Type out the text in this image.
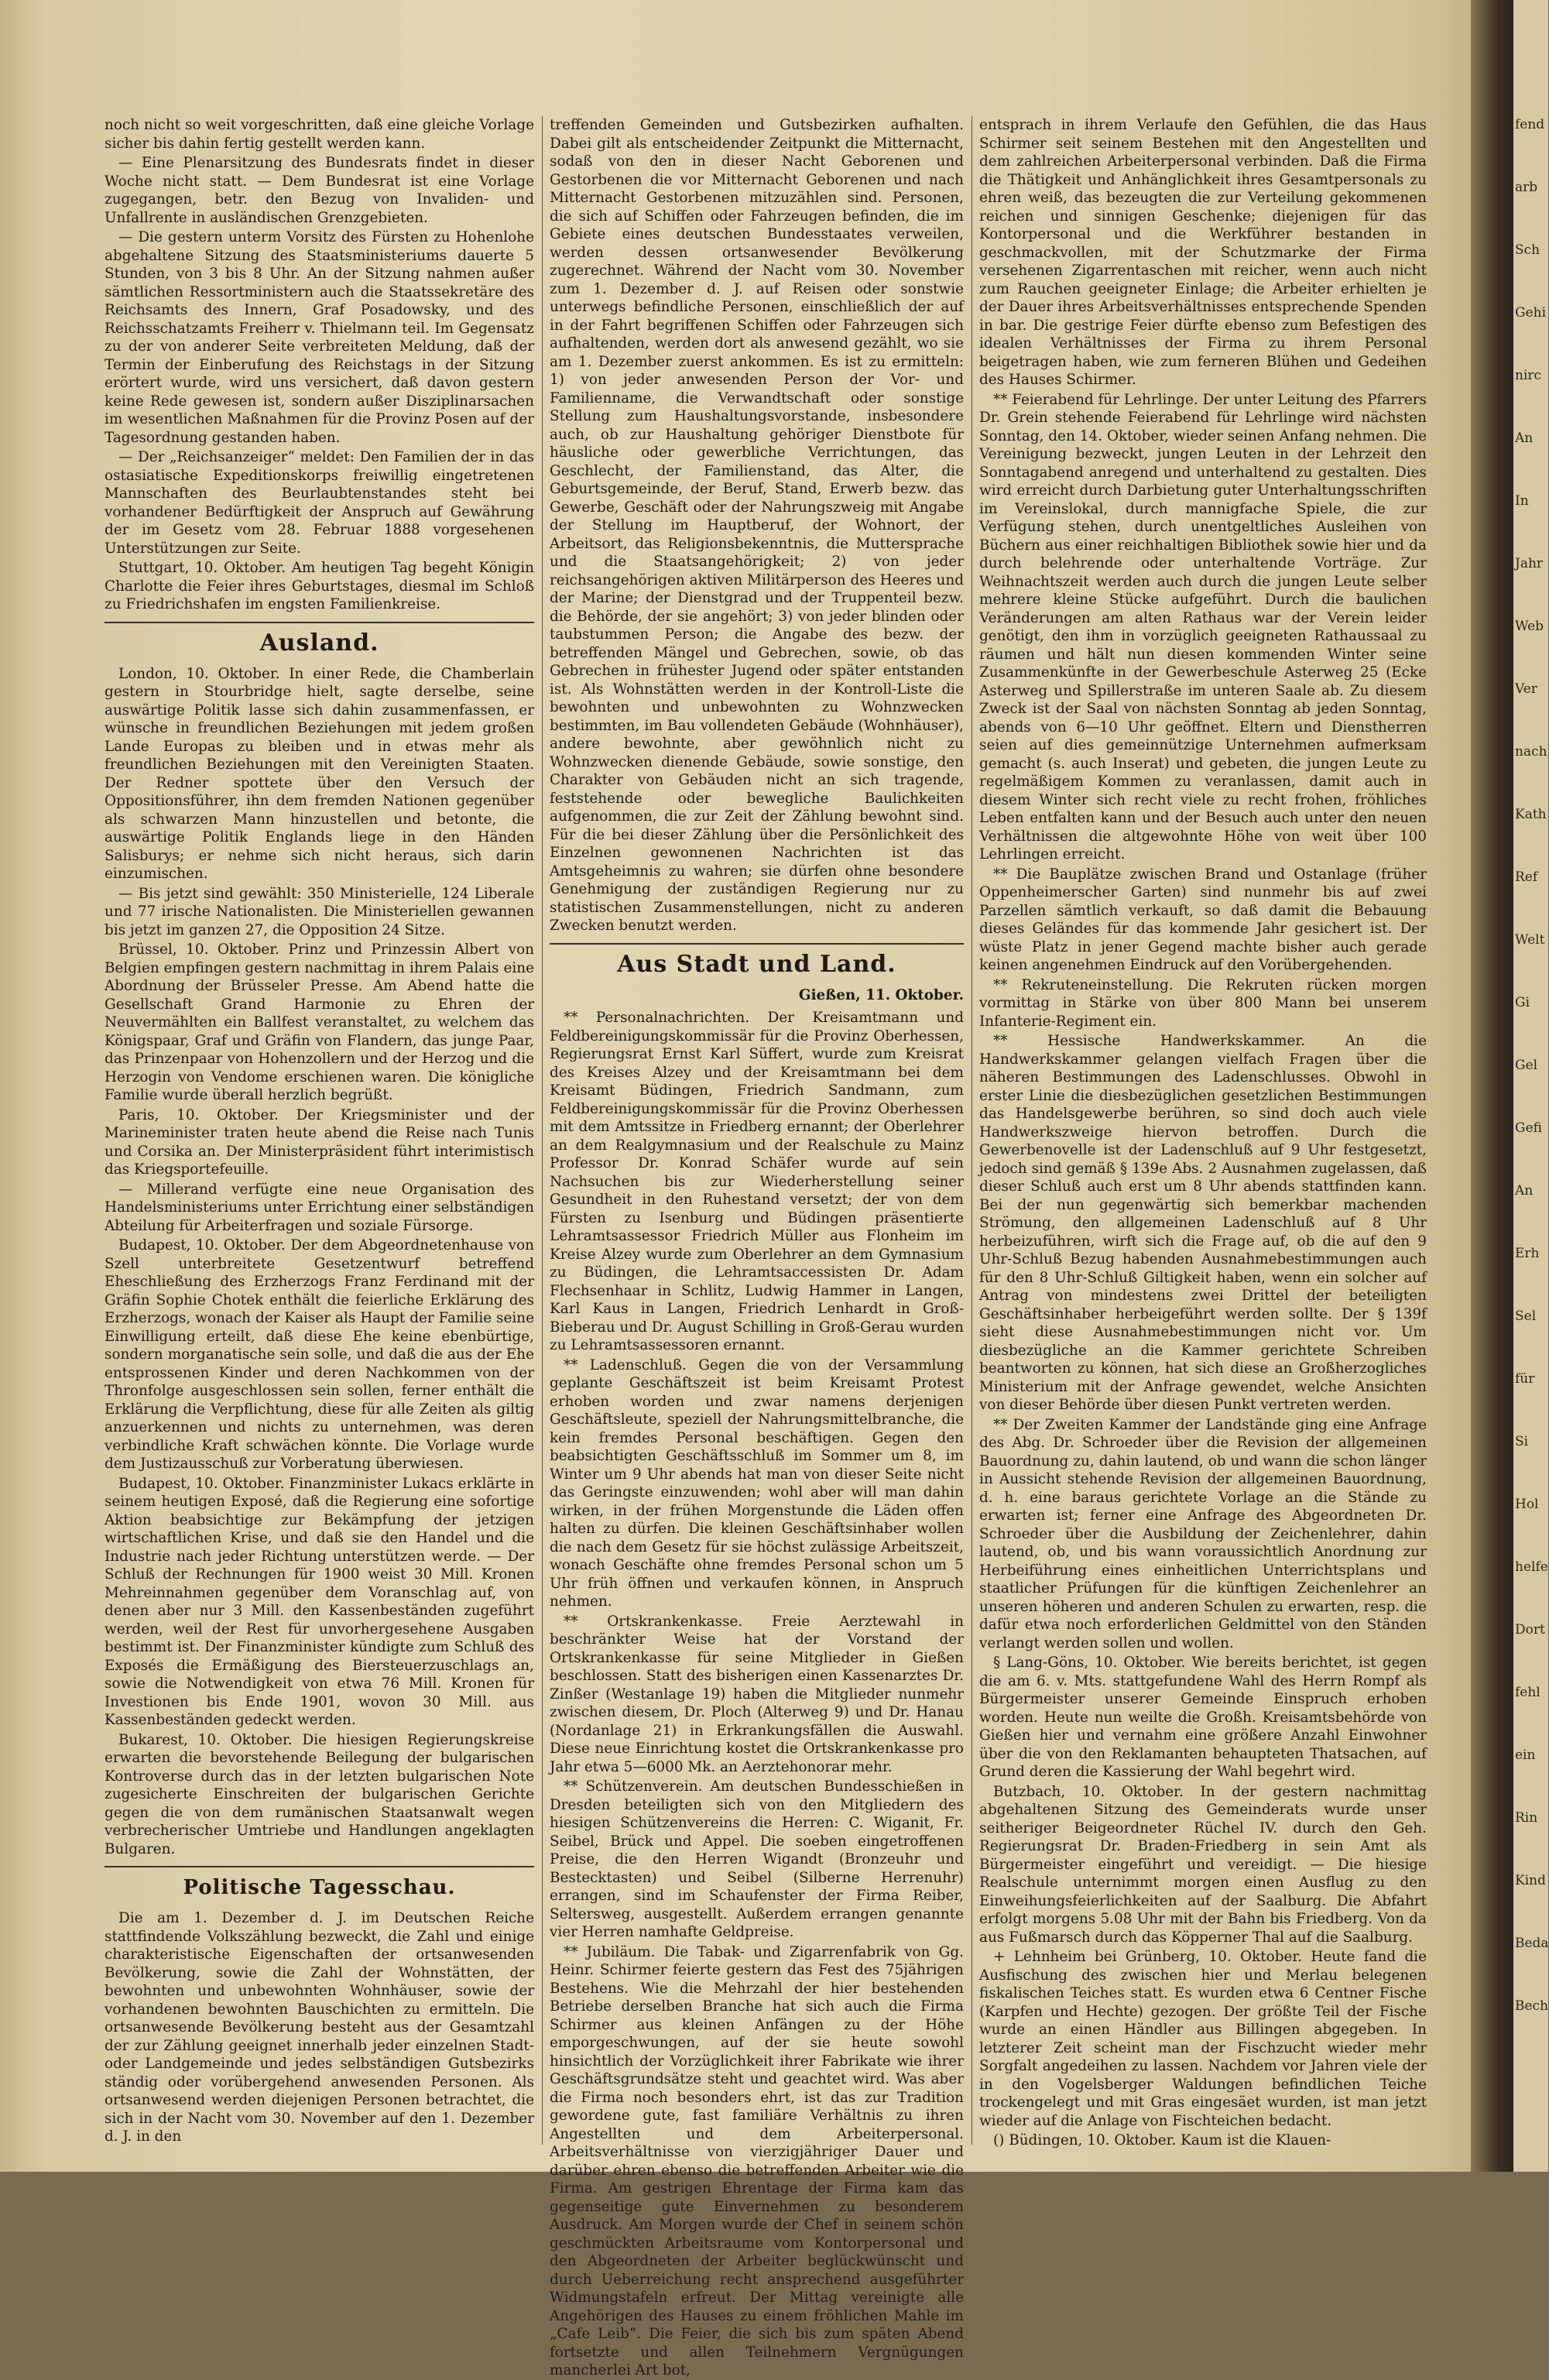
fend
arb
Sch
Gehi
nirc
An
In
Jahr
Web
Ver
nach
Kath
Ref
Welt
Gi
Gel
Gefi
An
Erh
Sel
für
Si
Hol
helfe
Dort
fehl
ein
Rin
Kind
Beda
Bech

noch nicht so weit vorgeschritten, daß eine gleiche Vorlage sicher bis dahin fertig gestellt werden kann.

— Eine Plenarsitzung des Bundesrats findet in dieser Woche nicht statt. — Dem Bundesrat ist eine Vorlage zugegangen, betr. den Bezug von Invaliden- und Unfallrente in ausländischen Grenzgebieten.

— Die gestern unterm Vorsitz des Fürsten zu Hohenlohe abgehaltene Sitzung des Staatsministeriums dauerte 5 Stunden, von 3 bis 8 Uhr. An der Sitzung nahmen außer sämtlichen Ressortministern auch die Staatssekretäre des Reichsamts des Innern, Graf Posadowsky, und des Reichsschatzamts Freiherr v. Thielmann teil. Im Gegensatz zu der von anderer Seite verbreiteten Meldung, daß der Termin der Einberufung des Reichstags in der Sitzung erörtert wurde, wird uns versichert, daß davon gestern keine Rede gewesen ist, sondern außer Disziplinarsachen im wesentlichen Maßnahmen für die Provinz Posen auf der Tagesordnung gestanden haben.

— Der „Reichsanzeiger“ meldet: Den Familien der in das ostasiatische Expeditionskorps freiwillig eingetretenen Mannschaften des Beurlaubtenstandes steht bei vorhandener Bedürftigkeit der Anspruch auf Gewährung der im Gesetz vom 28. Februar 1888 vorgesehenen Unterstützungen zur Seite.

Stuttgart, 10. Oktober. Am heutigen Tag begeht Königin Charlotte die Feier ihres Geburtstages, diesmal im Schloß zu Friedrichshafen im engsten Familienkreise.

Ausland.

London, 10. Oktober. In einer Rede, die Chamberlain gestern in Stourbridge hielt, sagte derselbe, seine auswärtige Politik lasse sich dahin zusammenfassen, er wünsche in freundlichen Beziehungen mit jedem großen Lande Europas zu bleiben und in etwas mehr als freundlichen Beziehungen mit den Vereinigten Staaten. Der Redner spottete über den Versuch der Oppositionsführer, ihn dem fremden Nationen gegenüber als schwarzen Mann hinzustellen und betonte, die auswärtige Politik Englands liege in den Händen Salisburys; er nehme sich nicht heraus, sich darin einzumischen.

— Bis jetzt sind gewählt: 350 Ministerielle, 124 Liberale und 77 irische Nationalisten. Die Ministeriellen gewannen bis jetzt im ganzen 27, die Opposition 24 Sitze.

Brüssel, 10. Oktober. Prinz und Prinzessin Albert von Belgien empfingen gestern nachmittag in ihrem Palais eine Abordnung der Brüsseler Presse. Am Abend hatte die Gesellschaft Grand Harmonie zu Ehren der Neuvermählten ein Ballfest veranstaltet, zu welchem das Königspaar, Graf und Gräfin von Flandern, das junge Paar, das Prinzenpaar von Hohenzollern und der Herzog und die Herzogin von Vendome erschienen waren. Die königliche Familie wurde überall herzlich begrüßt.

Paris, 10. Oktober. Der Kriegsminister und der Marineminister traten heute abend die Reise nach Tunis und Corsika an. Der Ministerpräsident führt interimistisch das Kriegsportefeuille.

— Millerand verfügte eine neue Organisation des Handelsministeriums unter Errichtung einer selbständigen Abteilung für Arbeiterfragen und soziale Fürsorge.

Budapest, 10. Oktober. Der dem Abgeordnetenhause von Szell unterbreitete Gesetzentwurf betreffend Eheschließung des Erzherzogs Franz Ferdinand mit der Gräfin Sophie Chotek enthält die feierliche Erklärung des Erzherzogs, wonach der Kaiser als Haupt der Familie seine Einwilligung erteilt, daß diese Ehe keine ebenbürtige, sondern morganatische sein solle, und daß die aus der Ehe entsprossenen Kinder und deren Nachkommen von der Thronfolge ausgeschlossen sein sollen, ferner enthält die Erklärung die Verpflichtung, diese für alle Zeiten als giltig anzuerkennen und nichts zu unternehmen, was deren verbindliche Kraft schwächen könnte. Die Vorlage wurde dem Justizausschuß zur Vorberatung überwiesen.

Budapest, 10. Oktober. Finanzminister Lukacs erklärte in seinem heutigen Exposé, daß die Regierung eine sofortige Aktion beabsichtige zur Bekämpfung der jetzigen wirtschaftlichen Krise, und daß sie den Handel und die Industrie nach jeder Richtung unterstützen werde. — Der Schluß der Rechnungen für 1900 weist 30 Mill. Kronen Mehreinnahmen gegenüber dem Voranschlag auf, von denen aber nur 3 Mill. den Kassenbeständen zugeführt werden, weil der Rest für unvorhergesehene Ausgaben bestimmt ist. Der Finanzminister kündigte zum Schluß des Exposés die Ermäßigung des Biersteuerzuschlags an, sowie die Notwendigkeit von etwa 76 Mill. Kronen für Investionen bis Ende 1901, wovon 30 Mill. aus Kassenbeständen gedeckt werden.

Bukarest, 10. Oktober. Die hiesigen Regierungskreise erwarten die bevorstehende Beilegung der bulgarischen Kontroverse durch das in der letzten bulgarischen Note zugesicherte Einschreiten der bulgarischen Gerichte gegen die von dem rumänischen Staatsanwalt wegen verbrecherischer Umtriebe und Handlungen angeklagten Bulgaren.

Politische Tagesschau.

Die am 1. Dezember d. J. im Deutschen Reiche stattfindende Volkszählung bezweckt, die Zahl und einige charakteristische Eigenschaften der ortsanwesenden Bevölkerung, sowie die Zahl der Wohnstätten, der bewohnten und unbewohnten Wohnhäuser, sowie der vorhandenen bewohnten Bauschichten zu ermitteln. Die ortsanwesende Bevölkerung besteht aus der Gesamtzahl der zur Zählung geeignet innerhalb jeder einzelnen Stadt- oder Landgemeinde und jedes selbständigen Gutsbezirks ständig oder vorübergehend anwesenden Personen. Als ortsanwesend werden diejenigen Personen betrachtet, die sich in der Nacht vom 30. November auf den 1. Dezember d. J. in den

treffenden Gemeinden und Gutsbezirken aufhalten. Dabei gilt als entscheidender Zeitpunkt die Mitternacht, sodaß von den in dieser Nacht Geborenen und Gestorbenen die vor Mitternacht Geborenen und nach Mitternacht Gestorbenen mitzuzählen sind. Personen, die sich auf Schiffen oder Fahrzeugen befinden, die im Gebiete eines deutschen Bundesstaates verweilen, werden dessen ortsanwesender Bevölkerung zugerechnet. Während der Nacht vom 30. November zum 1. Dezember d. J. auf Reisen oder sonstwie unterwegs befindliche Personen, einschließlich der auf in der Fahrt begriffenen Schiffen oder Fahrzeugen sich aufhaltenden, werden dort als anwesend gezählt, wo sie am 1. Dezember zuerst ankommen. Es ist zu ermitteln: 1) von jeder anwesenden Person der Vor- und Familienname, die Verwandtschaft oder sonstige Stellung zum Haushaltungsvorstande, insbesondere auch, ob zur Haushaltung gehöriger Dienstbote für häusliche oder gewerbliche Verrichtungen, das Geschlecht, der Familienstand, das Alter, die Geburtsgemeinde, der Beruf, Stand, Erwerb bezw. das Gewerbe, Geschäft oder der Nahrungszweig mit Angabe der Stellung im Hauptberuf, der Wohnort, der Arbeitsort, das Religionsbekenntnis, die Muttersprache und die Staatsangehörigkeit; 2) von jeder reichsangehörigen aktiven Militärperson des Heeres und der Marine; der Dienstgrad und der Truppenteil bezw. die Behörde, der sie angehört; 3) von jeder blinden oder taubstummen Person; die Angabe des bezw. der betreffenden Mängel und Gebrechen, sowie, ob das Gebrechen in frühester Jugend oder später entstanden ist. Als Wohnstätten werden in der Kontroll-Liste die bewohnten und unbewohnten zu Wohnzwecken bestimmten, im Bau vollendeten Gebäude (Wohnhäuser), andere bewohnte, aber gewöhnlich nicht zu Wohnzwecken dienende Gebäude, sowie sonstige, den Charakter von Gebäuden nicht an sich tragende, feststehende oder bewegliche Baulichkeiten aufgenommen, die zur Zeit der Zählung bewohnt sind. Für die bei dieser Zählung über die Persönlichkeit des Einzelnen gewonnenen Nachrichten ist das Amtsgeheimnis zu wahren; sie dürfen ohne besondere Genehmigung der zuständigen Regierung nur zu statistischen Zusammenstellungen, nicht zu anderen Zwecken benutzt werden.

Aus Stadt und Land.
Gießen, 11. Oktober.

** Personalnachrichten. Der Kreisamtmann und Feldbereinigungskommissär für die Provinz Oberhessen, Regierungsrat Ernst Karl Süffert, wurde zum Kreisrat des Kreises Alzey und der Kreisamtmann bei dem Kreisamt Büdingen, Friedrich Sandmann, zum Feldbereinigungskommissär für die Provinz Oberhessen mit dem Amtssitze in Friedberg ernannt; der Oberlehrer an dem Realgymnasium und der Realschule zu Mainz Professor Dr. Konrad Schäfer wurde auf sein Nachsuchen bis zur Wiederherstellung seiner Gesundheit in den Ruhestand versetzt; der von dem Fürsten zu Isenburg und Büdingen präsentierte Lehramtsassessor Friedrich Müller aus Flonheim im Kreise Alzey wurde zum Oberlehrer an dem Gymnasium zu Büdingen, die Lehramtsaccessisten Dr. Adam Flechsenhaar in Schlitz, Ludwig Hammer in Langen, Karl Kaus in Langen, Friedrich Lenhardt in Groß-Bieberau und Dr. August Schilling in Groß-Gerau wurden zu Lehramtsassessoren ernannt.

** Ladenschluß. Gegen die von der Versammlung geplante Geschäftszeit ist beim Kreisamt Protest erhoben worden und zwar namens derjenigen Geschäftsleute, speziell der Nahrungsmittelbranche, die kein fremdes Personal beschäftigen. Gegen den beabsichtigten Geschäftsschluß im Sommer um 8, im Winter um 9 Uhr abends hat man von dieser Seite nicht das Geringste einzuwenden; wohl aber will man dahin wirken, in der frühen Morgenstunde die Läden offen halten zu dürfen. Die kleinen Geschäftsinhaber wollen die nach dem Gesetz für sie höchst zulässige Arbeitszeit, wonach Geschäfte ohne fremdes Personal schon um 5 Uhr früh öffnen und verkaufen können, in Anspruch nehmen.

** Ortskrankenkasse. Freie Aerztewahl in beschränkter Weise hat der Vorstand der Ortskrankenkasse für seine Mitglieder in Gießen beschlossen. Statt des bisherigen einen Kassenarztes Dr. Zinßer (Westanlage 19) haben die Mitglieder nunmehr zwischen diesem, Dr. Ploch (Alterweg 9) und Dr. Hanau (Nordanlage 21) in Erkrankungsfällen die Auswahl. Diese neue Einrichtung kostet die Ortskrankenkasse pro Jahr etwa 5—6000 Mk. an Aerztehonorar mehr.

** Schützenverein. Am deutschen Bundesschießen in Dresden beteiligten sich von den Mitgliedern des hiesigen Schützenvereins die Herren: C. Wiganit, Fr. Seibel, Brück und Appel. Die soeben eingetroffenen Preise, die den Herren Wigandt (Bronzeuhr und Bestecktasten) und Seibel (Silberne Herrenuhr) errangen, sind im Schaufenster der Firma Reiber, Seltersweg, ausgestellt. Außerdem errangen genannte vier Herren namhafte Geldpreise.

** Jubiläum. Die Tabak- und Zigarrenfabrik von Gg. Heinr. Schirmer feierte gestern das Fest des 75jährigen Bestehens. Wie die Mehrzahl der hier bestehenden Betriebe derselben Branche hat sich auch die Firma Schirmer aus kleinen Anfängen zu der Höhe emporgeschwungen, auf der sie heute sowohl hinsichtlich der Vorzüglichkeit ihrer Fabrikate wie ihrer Geschäftsgrundsätze steht und geachtet wird. Was aber die Firma noch besonders ehrt, ist das zur Tradition gewordene gute, fast familiäre Verhältnis zu ihren Angestellten und dem Arbeiterpersonal. Arbeitsverhältnisse von vierzigjähriger Dauer und darüber ehren ebenso die betreffenden Arbeiter wie die Firma. Am gestrigen Ehrentage der Firma kam das gegenseitige gute Einvernehmen zu besonderem Ausdruck. Am Morgen wurde der Chef in seinem schön geschmückten Arbeitsraume vom Kontorpersonal und den Abgeordneten der Arbeiter beglückwünscht und durch Ueberreichung recht ansprechend ausgeführter Widmungstafeln erfreut. Der Mittag vereinigte alle Angehörigen des Hauses zu einem fröhlichen Mahle im „Cafe Leib“. Die Feier, die sich bis zum späten Abend fortsetzte und allen Teilnehmern Vergnügungen mancherlei Art bot,

entsprach in ihrem Verlaufe den Gefühlen, die das Haus Schirmer seit seinem Bestehen mit den Angestellten und dem zahlreichen Arbeiterpersonal verbinden. Daß die Firma die Thätigkeit und Anhänglichkeit ihres Gesamtpersonals zu ehren weiß, das bezeugten die zur Verteilung gekommenen reichen und sinnigen Geschenke; diejenigen für das Kontorpersonal und die Werkführer bestanden in geschmackvollen, mit der Schutzmarke der Firma versehenen Zigarrentaschen mit reicher, wenn auch nicht zum Rauchen geeigneter Einlage; die Arbeiter erhielten je der Dauer ihres Arbeitsverhältnisses entsprechende Spenden in bar. Die gestrige Feier dürfte ebenso zum Befestigen des idealen Verhältnisses der Firma zu ihrem Personal beigetragen haben, wie zum ferneren Blühen und Gedeihen des Hauses Schirmer.

** Feierabend für Lehrlinge. Der unter Leitung des Pfarrers Dr. Grein stehende Feierabend für Lehrlinge wird nächsten Sonntag, den 14. Oktober, wieder seinen Anfang nehmen. Die Vereinigung bezweckt, jungen Leuten in der Lehrzeit den Sonntagabend anregend und unterhaltend zu gestalten. Dies wird erreicht durch Darbietung guter Unterhaltungsschriften im Vereinslokal, durch mannigfache Spiele, die zur Verfügung stehen, durch unentgeltliches Ausleihen von Büchern aus einer reichhaltigen Bibliothek sowie hier und da durch belehrende oder unterhaltende Vorträge. Zur Weihnachtszeit werden auch durch die jungen Leute selber mehrere kleine Stücke aufgeführt. Durch die baulichen Veränderungen am alten Rathaus war der Verein leider genötigt, den ihm in vorzüglich geeigneten Rathaussaal zu räumen und hält nun diesen kommenden Winter seine Zusammenkünfte in der Gewerbeschule Asterweg 25 (Ecke Asterweg und Spillerstraße im unteren Saale ab. Zu diesem Zweck ist der Saal von nächsten Sonntag ab jeden Sonntag, abends von 6—10 Uhr geöffnet. Eltern und Dienstherren seien auf dies gemeinnützige Unternehmen aufmerksam gemacht (s. auch Inserat) und gebeten, die jungen Leute zu regelmäßigem Kommen zu veranlassen, damit auch in diesem Winter sich recht viele zu recht frohen, fröhliches Leben entfalten kann und der Besuch auch unter den neuen Verhältnissen die altgewohnte Höhe von weit über 100 Lehrlingen erreicht.

** Die Bauplätze zwischen Brand und Ostanlage (früher Oppenheimerscher Garten) sind nunmehr bis auf zwei Parzellen sämtlich verkauft, so daß damit die Bebauung dieses Geländes für das kommende Jahr gesichert ist. Der wüste Platz in jener Gegend machte bisher auch gerade keinen angenehmen Eindruck auf den Vorübergehenden.

** Rekruteneinstellung. Die Rekruten rücken morgen vormittag in Stärke von über 800 Mann bei unserem Infanterie-Regiment ein.

** Hessische Handwerkskammer. An die Handwerkskammer gelangen vielfach Fragen über die näheren Bestimmungen des Ladenschlusses. Obwohl in erster Linie die diesbezüglichen gesetzlichen Bestimmungen das Handelsgewerbe berühren, so sind doch auch viele Handwerkszweige hiervon betroffen. Durch die Gewerbenovelle ist der Ladenschluß auf 9 Uhr festgesetzt, jedoch sind gemäß § 139e Abs. 2 Ausnahmen zugelassen, daß dieser Schluß auch erst um 8 Uhr abends stattfinden kann. Bei der nun gegenwärtig sich bemerkbar machenden Strömung, den allgemeinen Ladenschluß auf 8 Uhr herbeizuführen, wirft sich die Frage auf, ob die auf den 9 Uhr-Schluß Bezug habenden Ausnahmebestimmungen auch für den 8 Uhr-Schluß Giltigkeit haben, wenn ein solcher auf Antrag von mindestens zwei Drittel der beteiligten Geschäftsinhaber herbeigeführt werden sollte. Der § 139f sieht diese Ausnahmebestimmungen nicht vor. Um diesbezügliche an die Kammer gerichtete Schreiben beantworten zu können, hat sich diese an Großherzogliches Ministerium mit der Anfrage gewendet, welche Ansichten von dieser Behörde über diesen Punkt vertreten werden.

** Der Zweiten Kammer der Landstände ging eine Anfrage des Abg. Dr. Schroeder über die Revision der allgemeinen Bauordnung zu, dahin lautend, ob und wann die schon länger in Aussicht stehende Revision der allgemeinen Bauordnung, d. h. eine baraus gerichtete Vorlage an die Stände zu erwarten ist; ferner eine Anfrage des Abgeordneten Dr. Schroeder über die Ausbildung der Zeichenlehrer, dahin lautend, ob, und bis wann voraussichtlich Anordnung zur Herbeiführung eines einheitlichen Unterrichtsplans und staatlicher Prüfungen für die künftigen Zeichenlehrer an unseren höheren und anderen Schulen zu erwarten, resp. die dafür etwa noch erforderlichen Geldmittel von den Ständen verlangt werden sollen und wollen.

§ Lang-Göns, 10. Oktober. Wie bereits berichtet, ist gegen die am 6. v. Mts. stattgefundene Wahl des Herrn Rompf als Bürgermeister unserer Gemeinde Einspruch erhoben worden. Heute nun weilte die Großh. Kreisamtsbehörde von Gießen hier und vernahm eine größere Anzahl Einwohner über die von den Reklamanten behaupteten Thatsachen, auf Grund deren die Kassierung der Wahl begehrt wird.

Butzbach, 10. Oktober. In der gestern nachmittag abgehaltenen Sitzung des Gemeinderats wurde unser seitheriger Beigeordneter Rüchel IV. durch den Geh. Regierungsrat Dr. Braden-Friedberg in sein Amt als Bürgermeister eingeführt und vereidigt. — Die hiesige Realschule unternimmt morgen einen Ausflug zu den Einweihungsfeierlichkeiten auf der Saalburg. Die Abfahrt erfolgt morgens 5.08 Uhr mit der Bahn bis Friedberg. Von da aus Fußmarsch durch das Köpperner Thal auf die Saalburg.

+ Lehnheim bei Grünberg, 10. Oktober. Heute fand die Ausfischung des zwischen hier und Merlau belegenen fiskalischen Teiches statt. Es wurden etwa 6 Centner Fische (Karpfen und Hechte) gezogen. Der größte Teil der Fische wurde an einen Händler aus Billingen abgegeben. In letzterer Zeit scheint man der Fischzucht wieder mehr Sorgfalt angedeihen zu lassen. Nachdem vor Jahren viele der in den Vogelsberger Waldungen befindlichen Teiche trockengelegt und mit Gras eingesäet wurden, ist man jetzt wieder auf die Anlage von Fischteichen bedacht.

() Büdingen, 10. Oktober. Kaum ist die Klauen-
